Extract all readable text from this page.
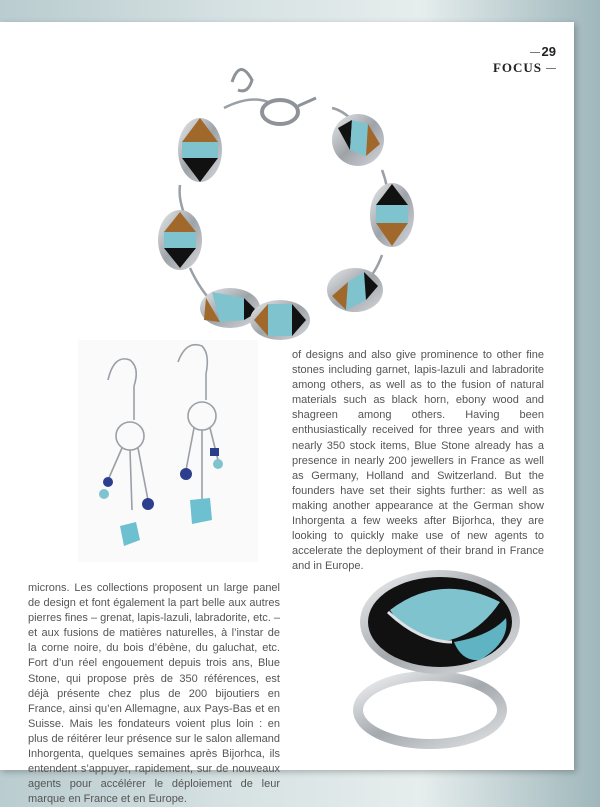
29
FOCUS

of designs and also give prominence to other fine stones including garnet, lapis-lazuli and labradorite among others, as well as to the fusion of natural materials such as black horn, ebony wood and shagreen among others. Having been enthusiastically received for three years and with nearly 350 stock items, Blue Stone already has a presence in nearly 200 jewellers in France as well as Germany, Holland and Switzerland. But the founders have set their sights further: as well as making another appearance at the German show Inhorgenta a few weeks after Bijorhca, they are looking to quickly make use of new agents to accelerate the deployment of their brand in France and in Europe.

microns. Les collections proposent un large panel de design et font également la part belle aux autres pierres fines – grenat, lapis-lazuli, labradorite, etc. – et aux fusions de matières naturelles, à l’instar de la corne noire, du bois d’ébène, du galuchat, etc. Fort d’un réel engouement depuis trois ans, Blue Stone, qui propose près de 350 références, est déjà présente chez plus de 200 bijoutiers en France, ainsi qu’en Allemagne, aux Pays-Bas et en Suisse. Mais les fondateurs voient plus loin : en plus de réitérer leur présence sur le salon allemand Inhorgenta, quelques semaines après Bijorhca, ils entendent s’appuyer, rapidement, sur de nouveaux agents pour accélérer le déploiement de leur marque en France et en Europe.
